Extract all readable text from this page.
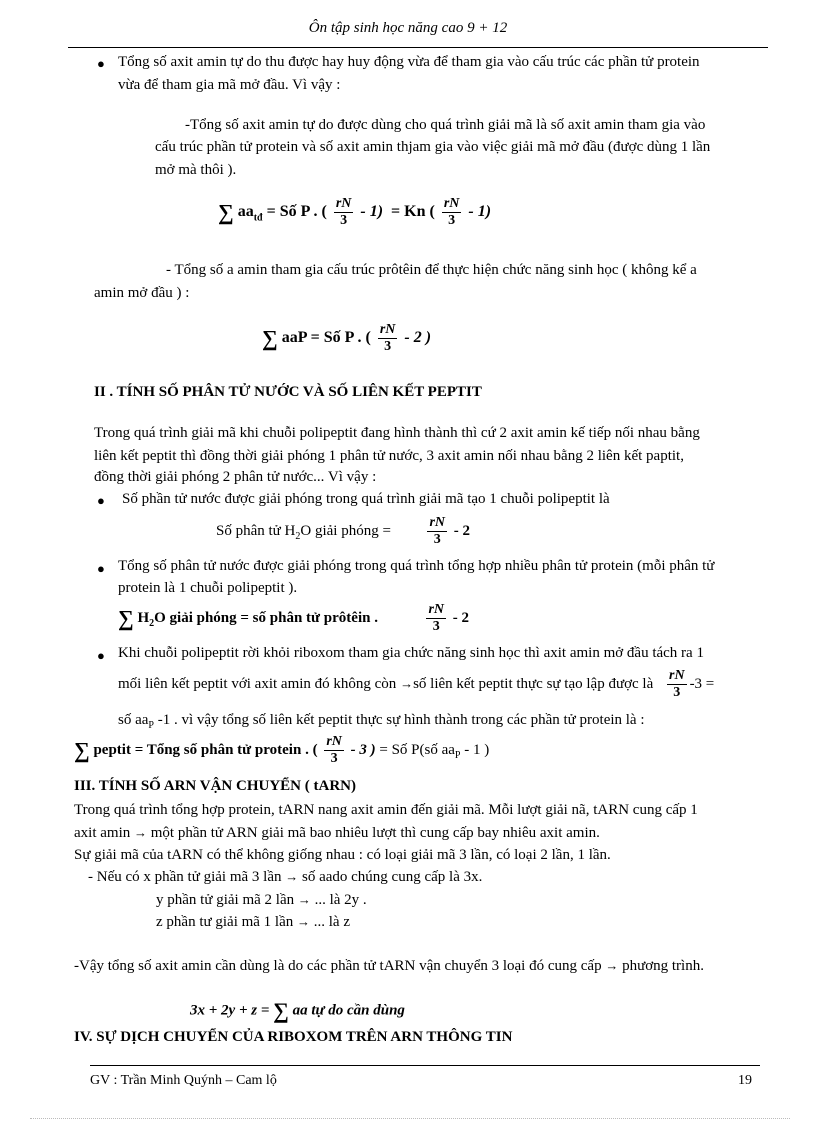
Ôn tập sinh học năng cao 9 + 12
● Tổng số axit amin tự do thu được hay huy động vừa để tham gia vào cấu trúc các phần tử protein
vừa để tham gia mã mở đầu. Vì vậy :
-Tổng số axit amin tự do được dùng cho quá trình giải mã là số axit amin tham gia vào
cấu trúc phần tử protein và số axit amin thjam gia vào việc giải mã mở đầu (được dùng 1 lần
mở mà thôi ).
∑ $aa_{tđ}$ = Số P . ( $\frac{rN}{3} - 1) = Kn$ ( $\frac{rN}{3} - 1$)
- Tổng số a amin tham gia cấu trúc prôtêin để thực hiện chức năng sinh học ( không kể a
amin mở đầu ) :
∑ aaP = Số P . ( $\frac{rN}{3} - 2$ )
II . TÍNH SỐ PHÂN TỬ NƯỚC VÀ SỐ LIÊN KẾT PEPTIT
Trong quá trình giải mã khi chuỗi polipeptit đang hình thành thì cứ 2 axit amin kế tiếp nối nhau bằng
liên kết peptit thì đồng thời giải phóng 1 phân tử nước, 3 axit amin nối nhau bằng 2 liên kết paptit,
đồng thời giải phóng 2 phân tử nước... Vì vậy :
● Số phần tử nước được giải phóng trong quá trình giải mã tạo 1 chuỗi polipeptit là
Số phân tử $H_2O$ giải phóng =	$\frac{rN}{3} - 2$
● Tổng số phân tử nước được giải phóng trong quá trình tổng hợp nhiều phân tử protein (mỗi phân tử
protein là 1 chuỗi polipeptit ).
∑ $H_2O$ giải phóng = số phân tử prôtêin .	$\frac{rN}{3} - 2$
● Khi chuỗi polipeptit rời khỏi riboxom tham gia chức năng sinh học thì axit amin mở đầu tách ra 1
mối liên kết peptit với axit amin đó không còn →số liên kết peptit thực sự tạo lập được là $\frac{rN}{3} -3$ =
số $aa_P$ -1 . vì vậy tổng số liên kết peptit thực sự hình thành trong các phần tử protein là :
∑ peptit = Tổng số phân tử protein . ( $\frac{rN}{3} - 3$ ) = Số P(số $aa_P - 1$ )
III. TÍNH SỐ ARN VẬN CHUYỂN ( tARN)
Trong quá trình tổng hợp protein, tARN nang axit amin đến giải mã. Mỗi lượt giải nã, tARN cung cấp 1
axit amin → một phần tử ARN giải mã bao nhiêu lượt thì cung cấp bay nhiêu axit amin.
Sự giải mã của tARN có thể không giống nhau : có loại giải mã 3 lần, có loại 2 lần, 1 lần.
- Nếu có x phần tử giải mã 3 lần → số aado chúng cung cấp là 3x.
y phần tử giải mã 2 lần → ... là 2y .
z phần tư giải mã 1 lần → ... là z
-Vậy tổng số axit amin cần dùng là do các phần tử tARN vận chuyển 3 loại đó cung cấp → phương trình.
3x + 2y + z = ∑ aa tự do cần dùng
IV. SỰ DỊCH CHUYỂN CỦA RIBOXOM TRÊN ARN THÔNG TIN
GV : Trần Minh Quýnh – Cam lộ	19
